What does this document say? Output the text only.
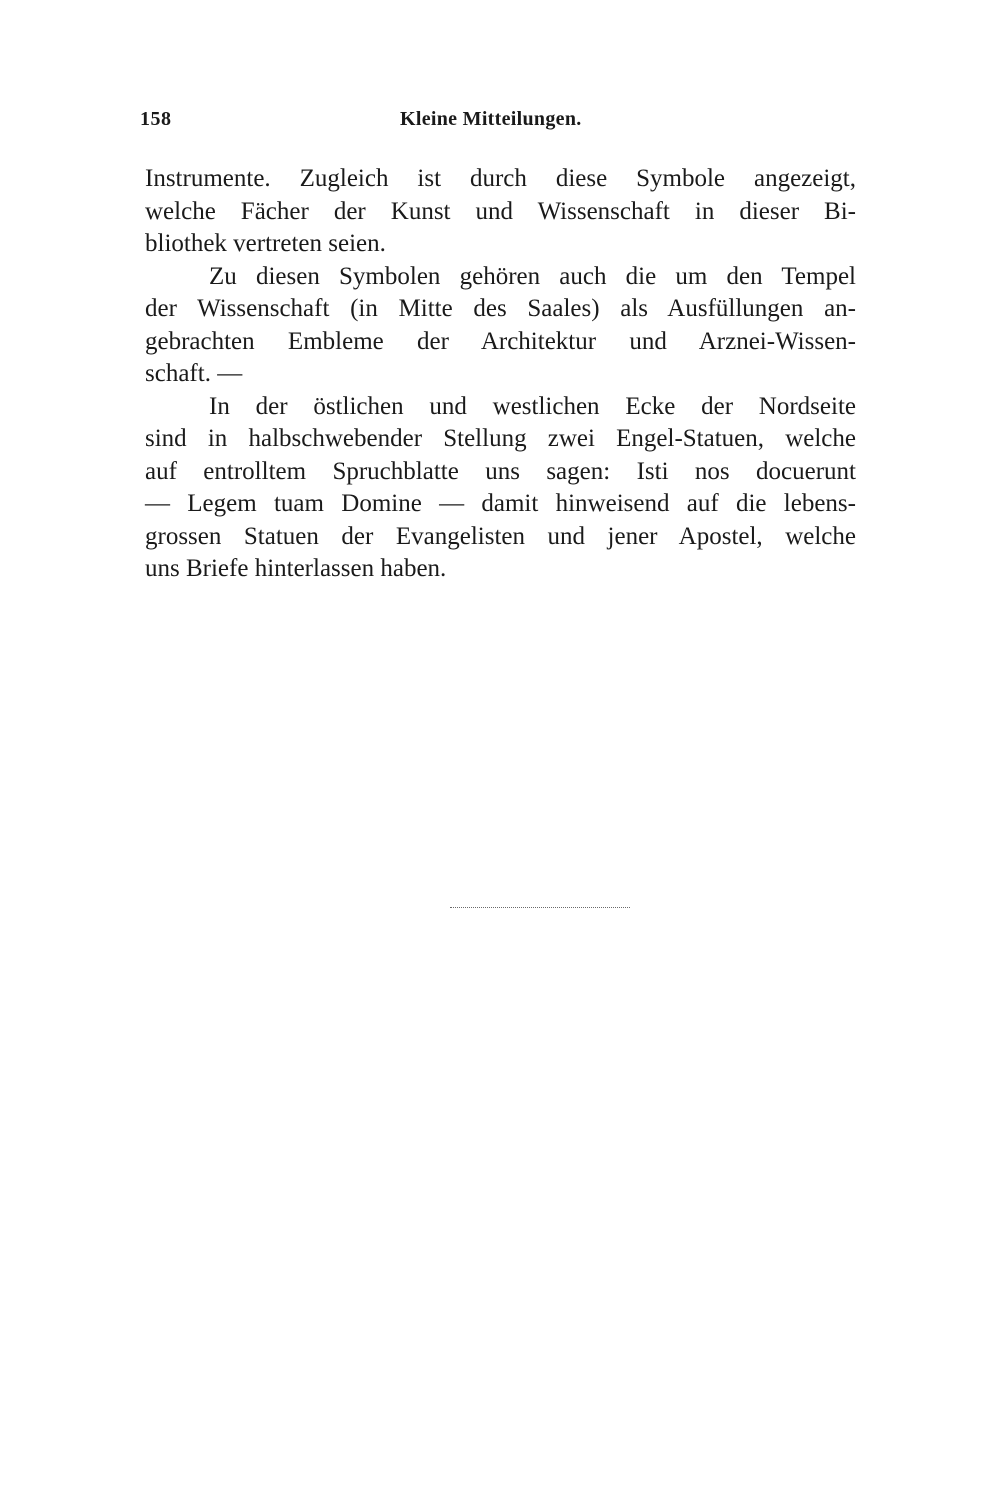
158	Kleine Mitteilungen.
Instrumente. Zugleich ist durch diese Symbole angezeigt,
welche Fächer der Kunst und Wissenschaft in dieser Bi-
bliothek vertreten seien.
Zu diesen Symbolen gehören auch die um den Tempel
der Wissenschaft (in Mitte des Saales) als Ausfüllungen an-
gebrachten Embleme der Architektur und Arznei-Wissen-
schaft. —
In der östlichen und westlichen Ecke der Nordseite
sind in halbschwebender Stellung zwei Engel-Statuen, welche
auf entrolltem Spruchblatte uns sagen: Isti nos docuerunt
— Legem tuam Domine — damit hinweisend auf die lebens-
grossen Statuen der Evangelisten und jener Apostel, welche
uns Briefe hinterlassen haben.
